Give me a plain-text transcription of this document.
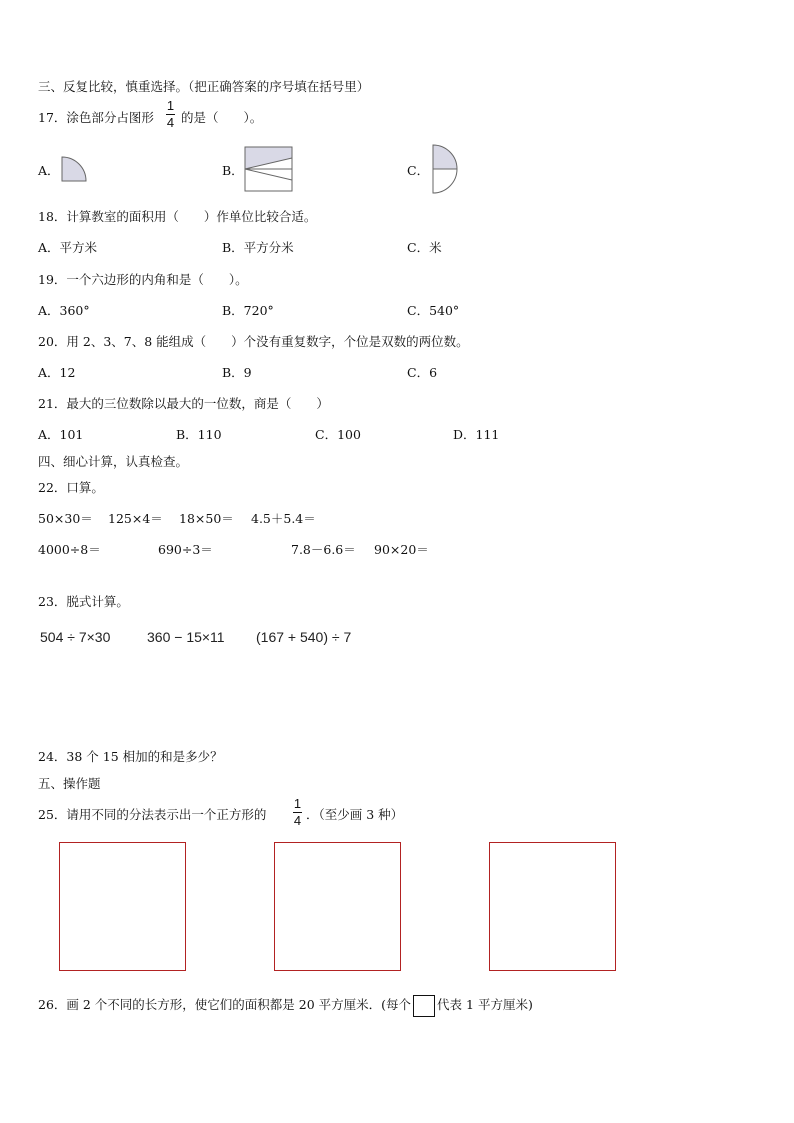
三、反复比较，慎重选择。（把正确答案的序号填在括号里）
17．涂色部分占图形
1
4 的是（　　）。
A．	B．	C．
18．计算教室的面积用（　　）作单位比较合适。
A．平方米	B．平方分米	C．米
19．一个六边形的内角和是（　　）。
A．360°	B．720°	C．540°
20．用 2、3、7、8 能组成（　　）个没有重复数字，个位是双数的两位数。
A．12	B．9	C．6
21．最大的三位数除以最大的一位数，商是（　　）
A．101	B．110	C．100	D．111
四、细心计算，认真检查。
22．口算。
50×30＝ 125×4＝ 18×50＝ 4.5＋5.4＝
4000÷8＝	690÷3＝	7.8－6.6＝ 90×20＝
23．脱式计算。
504 ÷ 7×30	360 − 15×11 (167 + 540) ÷ 7
24．38 个 15 相加的和是多少？
五、操作题
25．请用不同的分法表示出一个正方形的
1
4 ．（至少画 3 种）
26．画 2 个不同的长方形，使它们的面积都是 20 平方厘米．(每个 代表 1 平方厘米)
